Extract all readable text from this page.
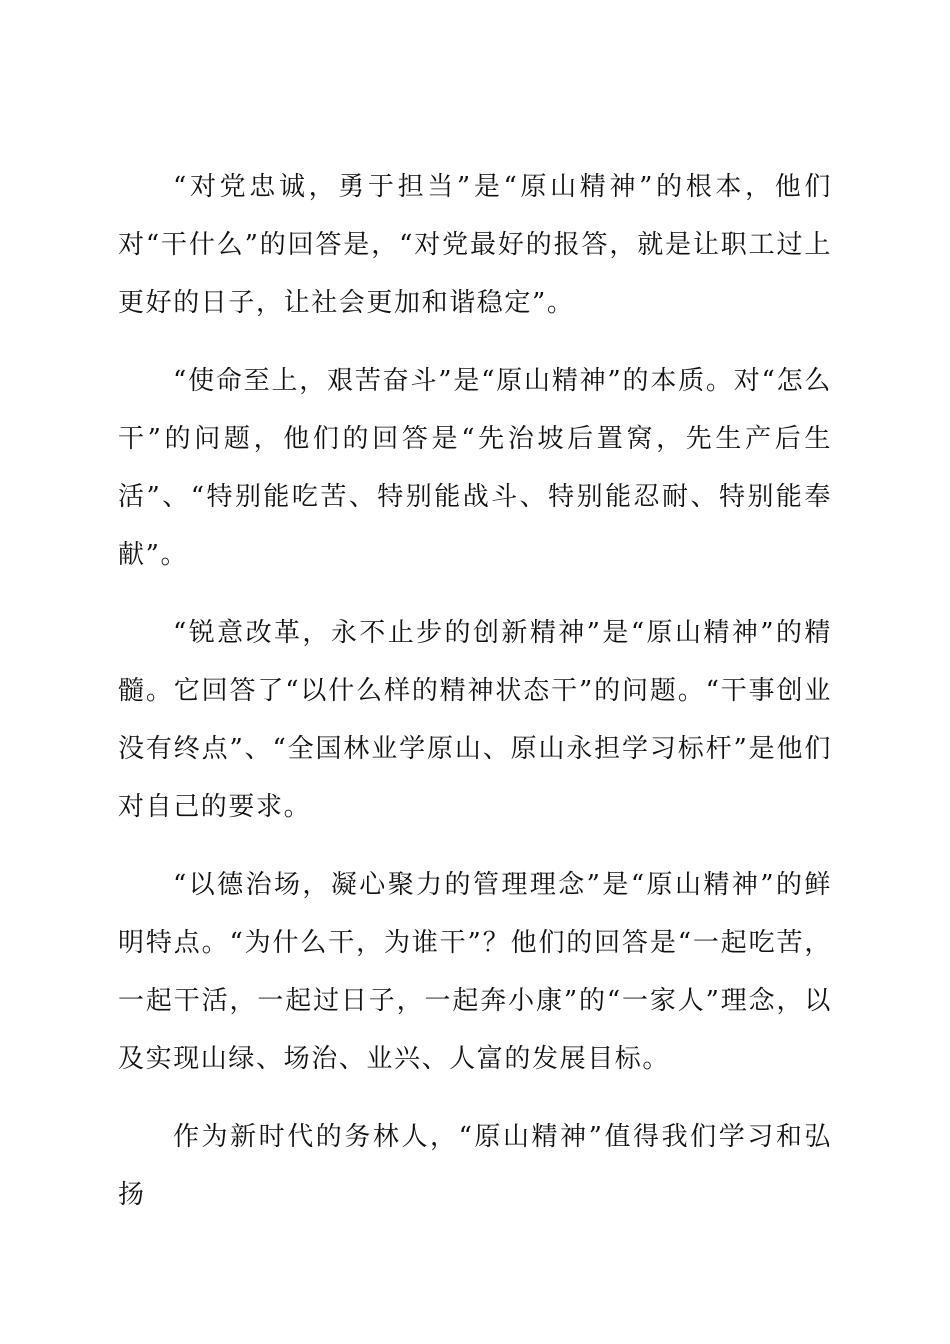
“对党忠诚，勇于担当”是“原山精神”的根本，他们对“干什么”的回答是，“对党最好的报答，就是让职工过上更好的日子，让社会更加和谐稳定”。

“使命至上，艰苦奋斗”是“原山精神”的本质。对“怎么干”的问题，他们的回答是“先治坡后置窝，先生产后生活”、“特别能吃苦、特别能战斗、特别能忍耐、特别能奉献”。

“锐意改革，永不止步的创新精神”是“原山精神”的精髓。它回答了“以什么样的精神状态干”的问题。“干事创业没有终点”、“全国林业学原山、原山永担学习标杆”是他们对自己的要求。

“以德治场，凝心聚力的管理理念”是“原山精神”的鲜明特点。“为什么干，为谁干”？他们的回答是“一起吃苦，一起干活，一起过日子，一起奔小康”的“一家人”理念，以及实现山绿、场治、业兴、人富的发展目标。

作为新时代的务林人，“原山精神”值得我们学习和弘扬
